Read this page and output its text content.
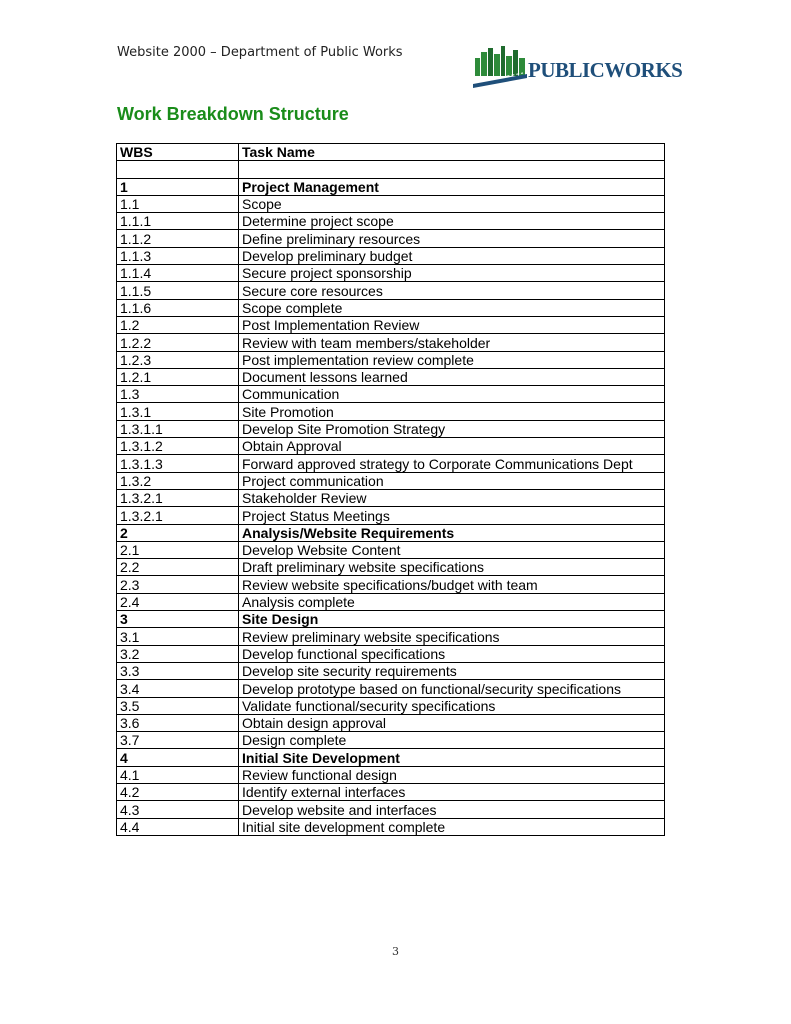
Website 2000 – Department of Public Works
PUBLICWORKS
Work Breakdown Structure
WBS	Task Name

1	Project Management
1.1	Scope
1.1.1	Determine project scope
1.1.2	Define preliminary resources
1.1.3	Develop preliminary budget
1.1.4	Secure project sponsorship
1.1.5	Secure core resources
1.1.6	Scope complete
1.2	Post Implementation Review
1.2.2	Review with team members/stakeholder
1.2.3	Post implementation review complete
1.2.1	Document lessons learned
1.3	Communication
1.3.1	Site Promotion
1.3.1.1	Develop Site Promotion Strategy
1.3.1.2	Obtain Approval
1.3.1.3	Forward approved strategy to Corporate Communications Dept
1.3.2	Project communication
1.3.2.1	Stakeholder Review
1.3.2.1	Project Status Meetings
2	Analysis/Website Requirements
2.1	Develop Website Content
2.2	Draft preliminary website specifications
2.3	Review website specifications/budget with team
2.4	Analysis complete
3	Site Design
3.1	Review preliminary website specifications
3.2	Develop functional specifications
3.3	Develop site security requirements
3.4	Develop prototype based on functional/security specifications
3.5	Validate functional/security specifications
3.6	Obtain design approval
3.7	Design complete
4	Initial Site Development
4.1	Review functional design
4.2	Identify external interfaces
4.3	Develop website and interfaces
4.4	Initial site development complete
3
